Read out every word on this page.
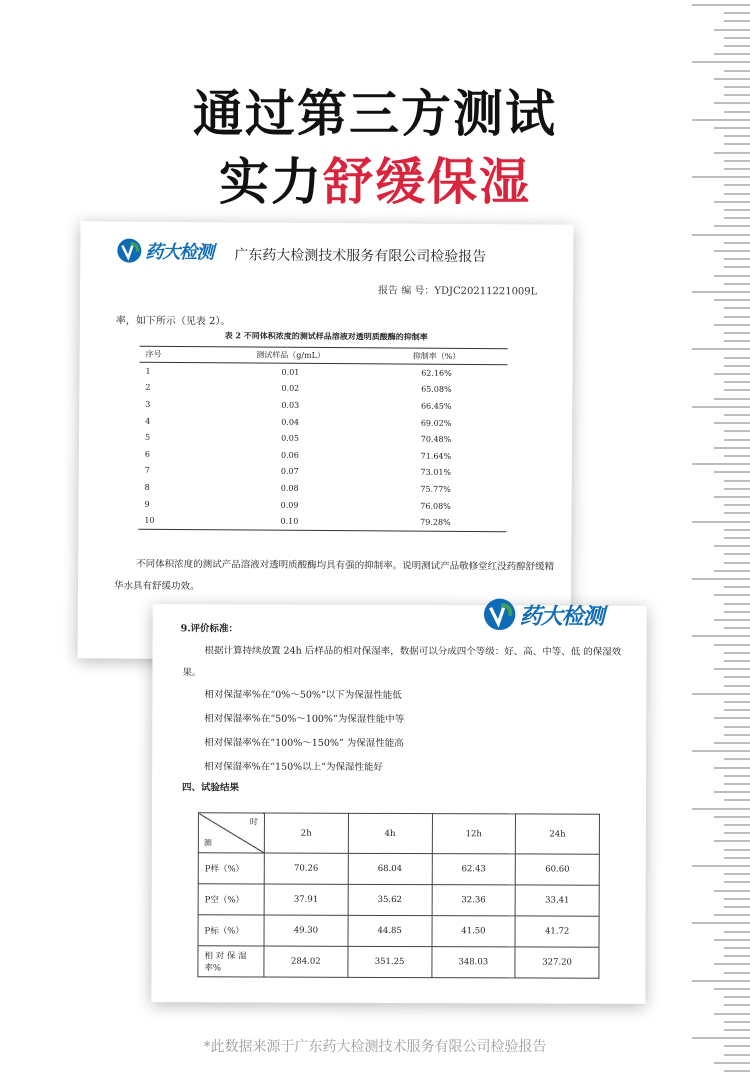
通过第三方测试
实力舒缓保湿
药大检测 广东药大检测技术服务有限公司检验报告
报告 编 号：YDJC20211221009L
率，如下所示（见表 2）。
表 2 不同体积浓度的测试样品溶液对透明质酸酶的抑制率
序号	测试样品（g/mL）	抑制率（%）
1	0.01	62.16%
2	0.02	65.08%
3	0.03	66.45%
4	0.04	69.02%
5	0.05	70.48%
6	0.06	71.64%
7	0.07	73.01%
8	0.08	75.77%
9	0.09	76.08%
10	0.10	79.28%
不同体积浓度的测试产品溶液对透明质酸酶均具有强的抑制率。说明测试产品敬修堂红没药醇舒缓精华水具有舒缓功效。
药大检测
9.评价标准：
根据计算持续放置 24h 后样品的相对保湿率，数据可以分成四个等级：好、高、中等、低 的保湿效果。
相对保湿率%在“0%～50%”以下为保湿性能低
相对保湿率%在“50%～100%”为保湿性能中等
相对保湿率%在“100%～150%” 为保湿性能高
相对保湿率%在“150%以上”为保湿性能好
四、试验结果
测
时	2h	4h	12h	24h
P样（%）	70.26	68.04	62.43	60.60
P空（%）	37.91	35.62	32.36	33.41
P标（%）	49.30	44.85	41.50	41.72
相 对 保 湿 率%	284.02	351.25	348.03	327.20
*此数据来源于广东药大检测技术服务有限公司检验报告
